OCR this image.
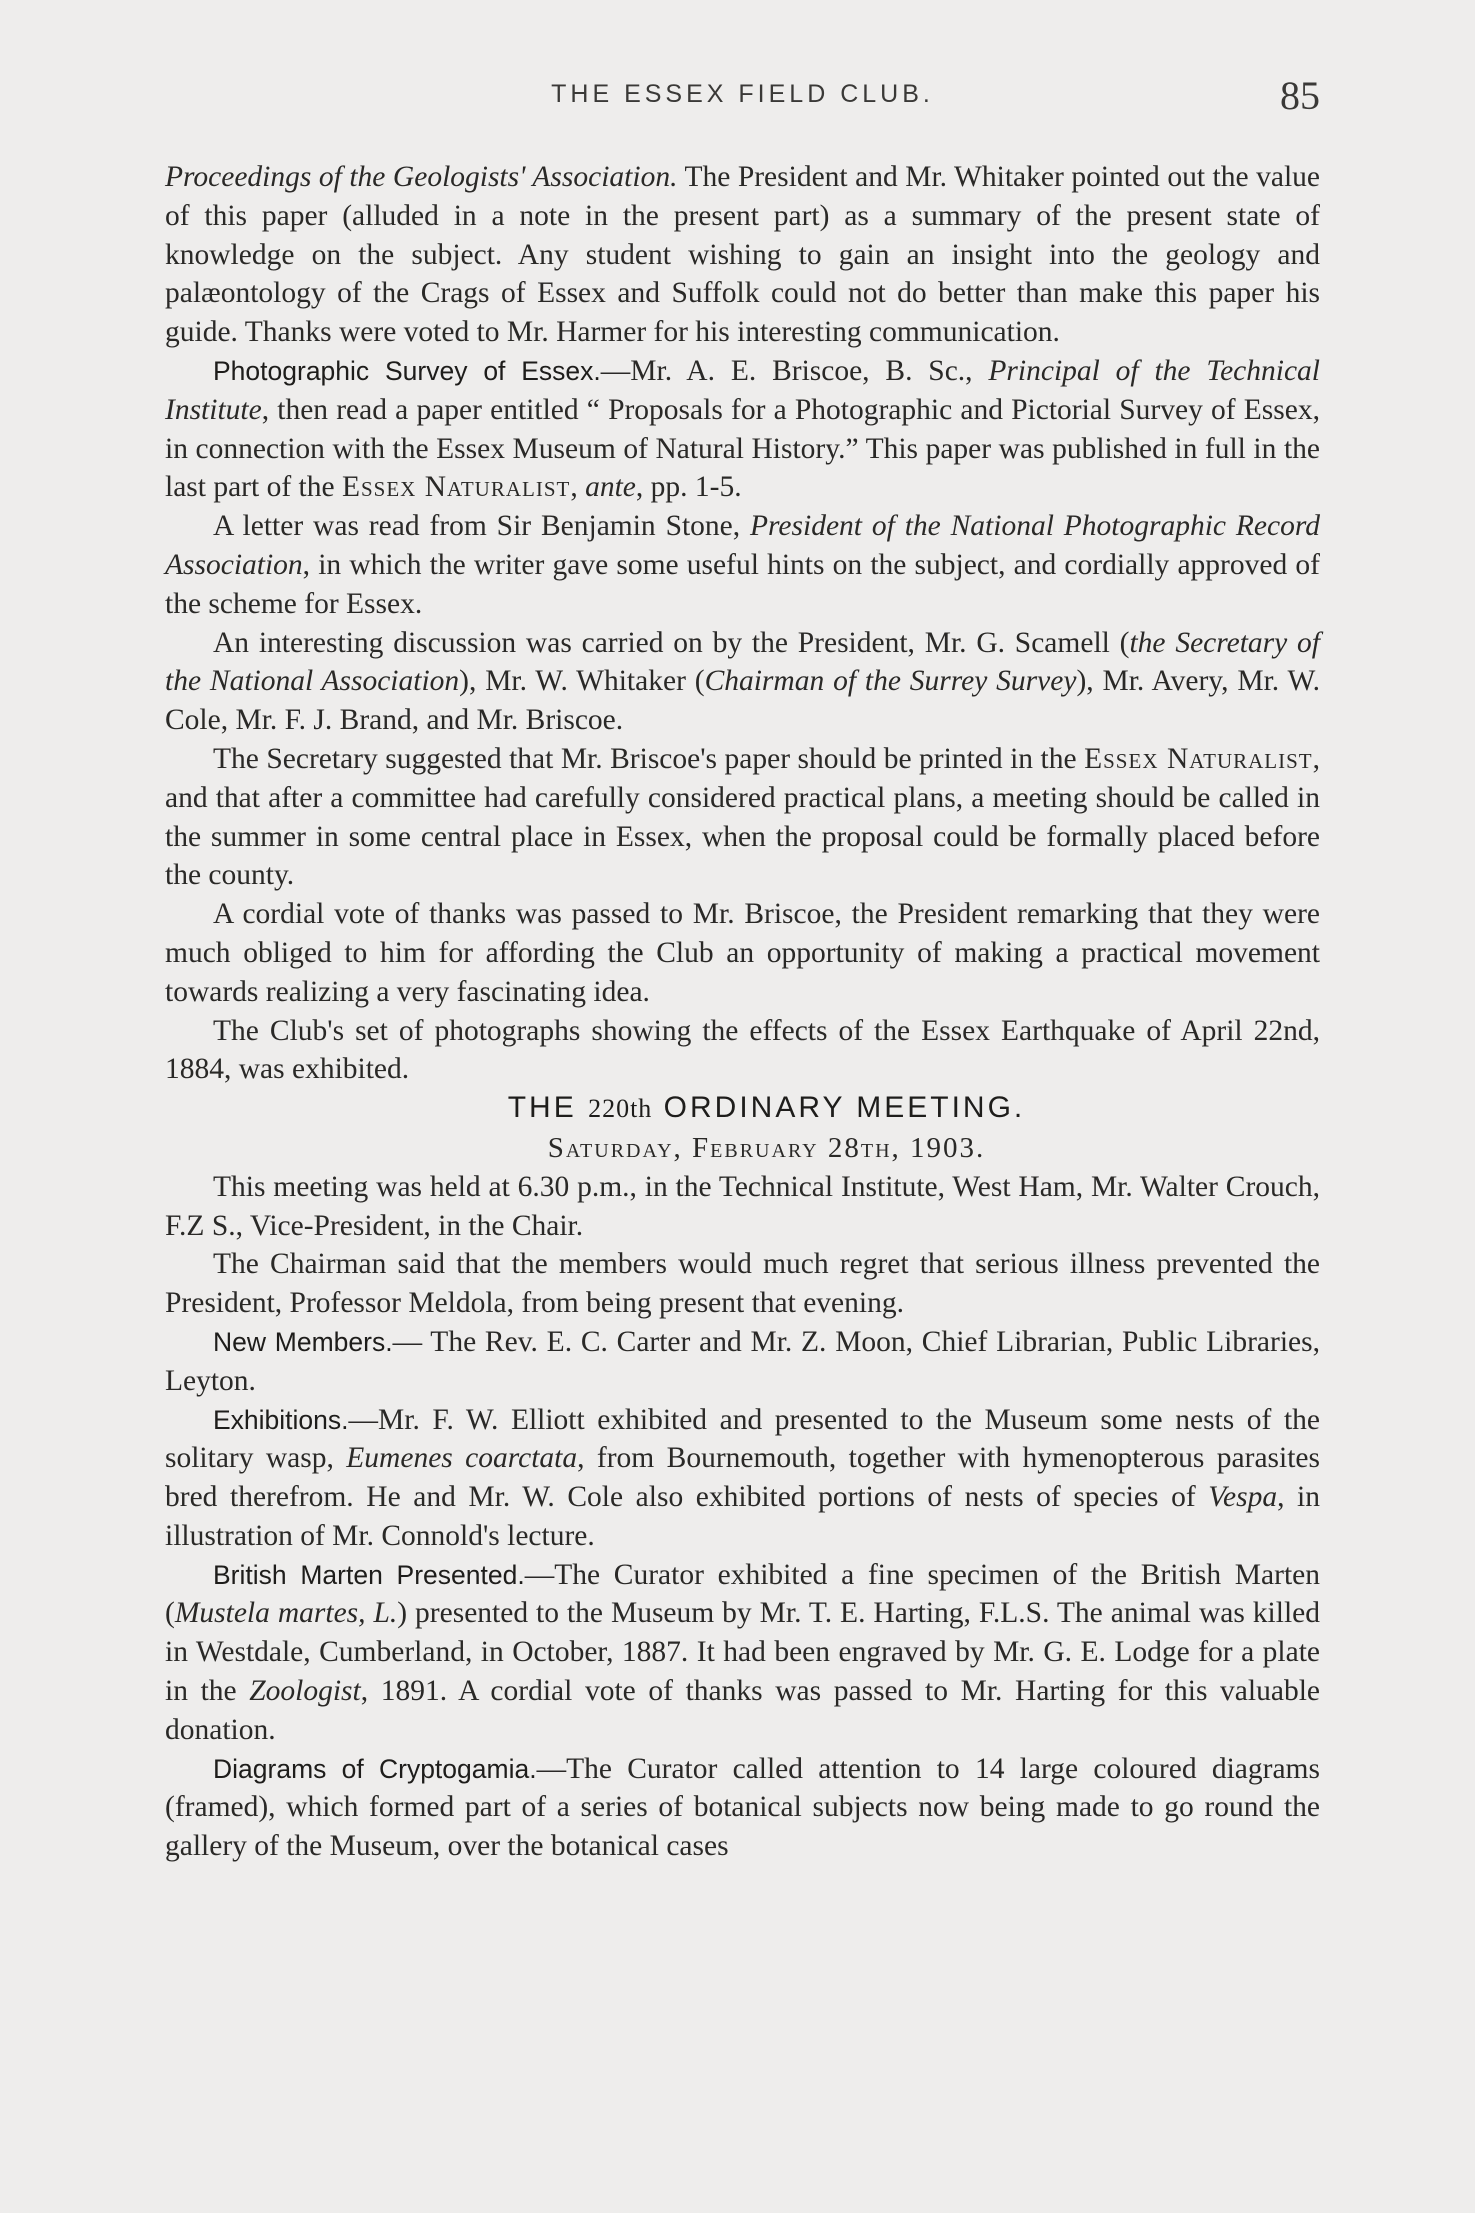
THE ESSEX FIELD CLUB.	85

Proceedings of the Geologists' Association. The President and Mr. Whitaker pointed out the value of this paper (alluded in a note in the present part) as a summary of the present state of knowledge on the subject. Any student wishing to gain an insight into the geology and palæontology of the Crags of Essex and Suffolk could not do better than make this paper his guide. Thanks were voted to Mr. Harmer for his interesting communication.

Photographic Survey of Essex.—Mr. A. E. Briscoe, B. Sc., Principal of the Technical Institute, then read a paper entitled “ Proposals for a Photographic and Pictorial Survey of Essex, in connection with the Essex Museum of Natural History.” This paper was published in full in the last part of the Essex Naturalist, ante, pp. 1-5.

A letter was read from Sir Benjamin Stone, President of the National Photographic Record Association, in which the writer gave some useful hints on the subject, and cordially approved of the scheme for Essex.

An interesting discussion was carried on by the President, Mr. G. Scamell (the Secretary of the National Association), Mr. W. Whitaker (Chairman of the Surrey Survey), Mr. Avery, Mr. W. Cole, Mr. F. J. Brand, and Mr. Briscoe.

The Secretary suggested that Mr. Briscoe's paper should be printed in the Essex Naturalist, and that after a committee had carefully considered practical plans, a meeting should be called in the summer in some central place in Essex, when the proposal could be formally placed before the county.

A cordial vote of thanks was passed to Mr. Briscoe, the President remarking that they were much obliged to him for affording the Club an opportunity of making a practical movement towards realizing a very fascinating idea.

The Club's set of photographs showing the effects of the Essex Earthquake of April 22nd, 1884, was exhibited.

THE 220th ORDINARY MEETING.

Saturday, February 28th, 1903.

This meeting was held at 6.30 p.m., in the Technical Institute, West Ham, Mr. Walter Crouch, F.Z S., Vice-President, in the Chair.

The Chairman said that the members would much regret that serious illness prevented the President, Professor Meldola, from being present that evening.

New Members.— The Rev. E. C. Carter and Mr. Z. Moon, Chief Librarian, Public Libraries, Leyton.

Exhibitions.—Mr. F. W. Elliott exhibited and presented to the Museum some nests of the solitary wasp, Eumenes coarctata, from Bournemouth, together with hymenopterous parasites bred therefrom. He and Mr. W. Cole also exhibited portions of nests of species of Vespa, in illustration of Mr. Connold's lecture.

British Marten Presented.—The Curator exhibited a fine specimen of the British Marten (Mustela martes, L.) presented to the Museum by Mr. T. E. Harting, F.L.S. The animal was killed in Westdale, Cumberland, in October, 1887. It had been engraved by Mr. G. E. Lodge for a plate in the Zoologist, 1891. A cordial vote of thanks was passed to Mr. Harting for this valuable donation.

Diagrams of Cryptogamia.—The Curator called attention to 14 large coloured diagrams (framed), which formed part of a series of botanical subjects now being made to go round the gallery of the Museum, over the botanical cases
